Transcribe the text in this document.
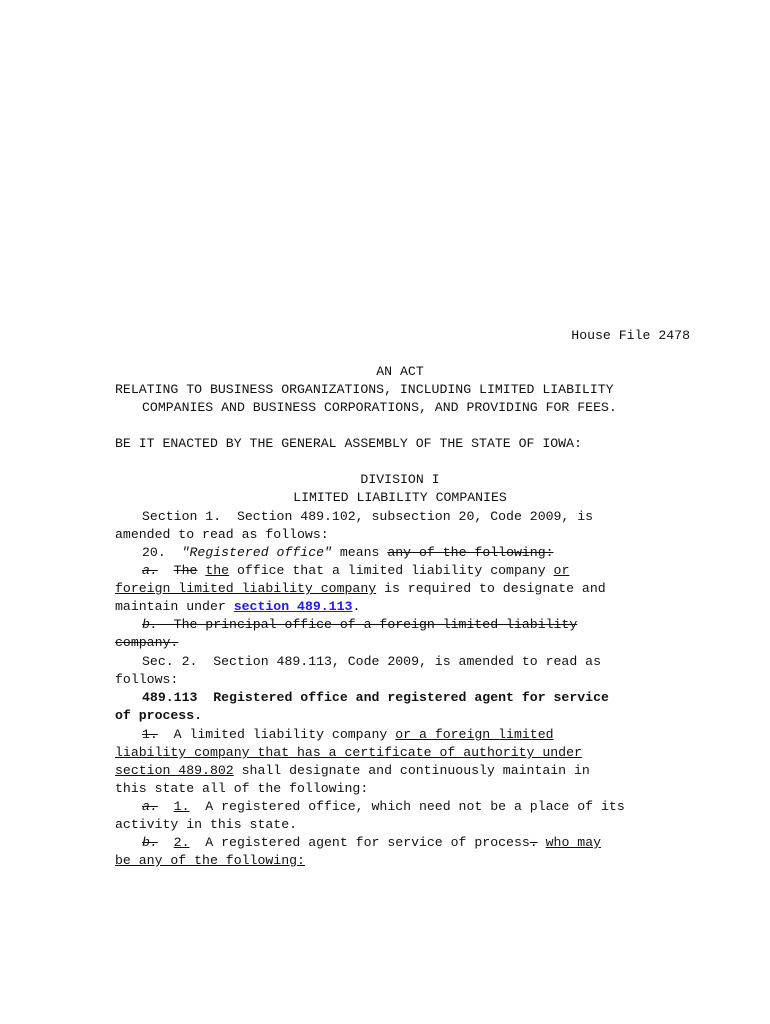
House File 2478
AN ACT
RELATING TO BUSINESS ORGANIZATIONS, INCLUDING LIMITED LIABILITY
COMPANIES AND BUSINESS CORPORATIONS, AND PROVIDING FOR FEES.
BE IT ENACTED BY THE GENERAL ASSEMBLY OF THE STATE OF IOWA:
DIVISION I
LIMITED LIABILITY COMPANIES
Section 1.  Section 489.102, subsection 20, Code 2009, is
amended to read as follows:
20.  "Registered office" means any of the following:
a. The the office that a limited liability company or
foreign limited liability company is required to designate and
maintain under section 489.113.
b. The principal office of a foreign limited liability
company.
Sec. 2.  Section 489.113, Code 2009, is amended to read as
follows:
489.113  Registered office and registered agent for service
of process.
1.  A limited liability company or a foreign limited
liability company that has a certificate of authority under
section 489.802 shall designate and continuously maintain in
this state all of the following:
a. 1.  A registered office, which need not be a place of its
activity in this state.
b. 2.  A registered agent for service of process. who may
be any of the following:
